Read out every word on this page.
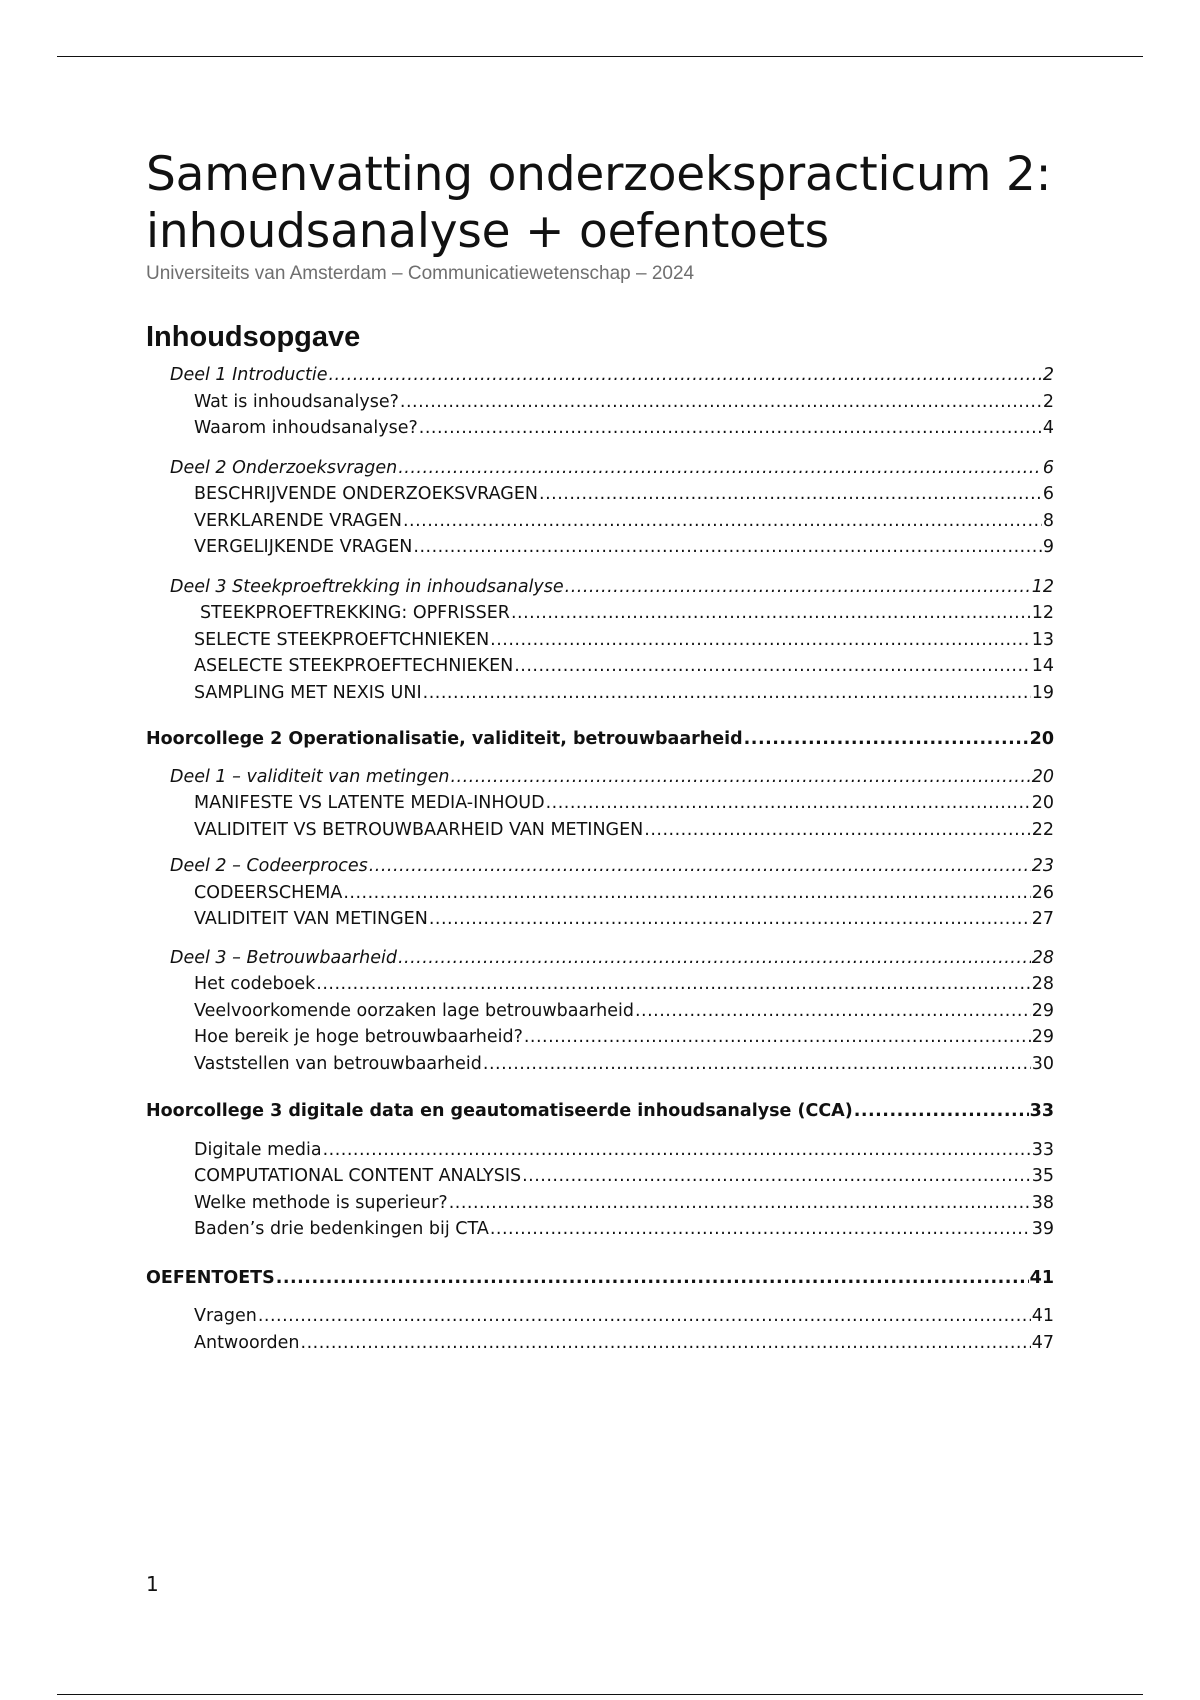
Samenvatting onderzoekspracticum 2:
inhoudsanalyse + oefentoets
Universiteits van Amsterdam – Communicatiewetenschap – 2024
Inhoudsopgave
Deel 1 Introductie .....	2
Wat is inhoudsanalyse? .....	2
Waarom inhoudsanalyse? .....	4
Deel 2 Onderzoeksvragen .....	6
BESCHRIJVENDE ONDERZOEKSVRAGEN .....	6
VERKLARENDE VRAGEN .....	8
VERGELIJKENDE VRAGEN .....	9
Deel 3 Steekproeftrekking in inhoudsanalyse .....	12
STEEKPROEFTREKKING: OPFRISSER .....	12
SELECTE STEEKPROEFTCHNIEKEN .....	13
ASELECTE STEEKPROEFTECHNIEKEN .....	14
SAMPLING MET NEXIS UNI .....	19
Hoorcollege 2 Operationalisatie, validiteit, betrouwbaarheid .....	20
Deel 1 – validiteit van metingen .....	20
MANIFESTE VS LATENTE MEDIA-INHOUD .....	20
VALIDITEIT VS BETROUWBAARHEID VAN METINGEN .....	22
Deel 2 – Codeerproces .....	23
CODEERSCHEMA .....	26
VALIDITEIT VAN METINGEN .....	27
Deel 3 – Betrouwbaarheid .....	28
Het codeboek .....	28
Veelvoorkomende oorzaken lage betrouwbaarheid .....	29
Hoe bereik je hoge betrouwbaarheid? .....	29
Vaststellen van betrouwbaarheid .....	30
Hoorcollege 3 digitale data en geautomatiseerde inhoudsanalyse (CCA) .....	33
Digitale media .....	33
COMPUTATIONAL CONTENT ANALYSIS .....	35
Welke methode is superieur? .....	38
Baden’s drie bedenkingen bij CTA .....	39
OEFENTOETS .....	41
Vragen .....	41
Antwoorden .....	47
1
